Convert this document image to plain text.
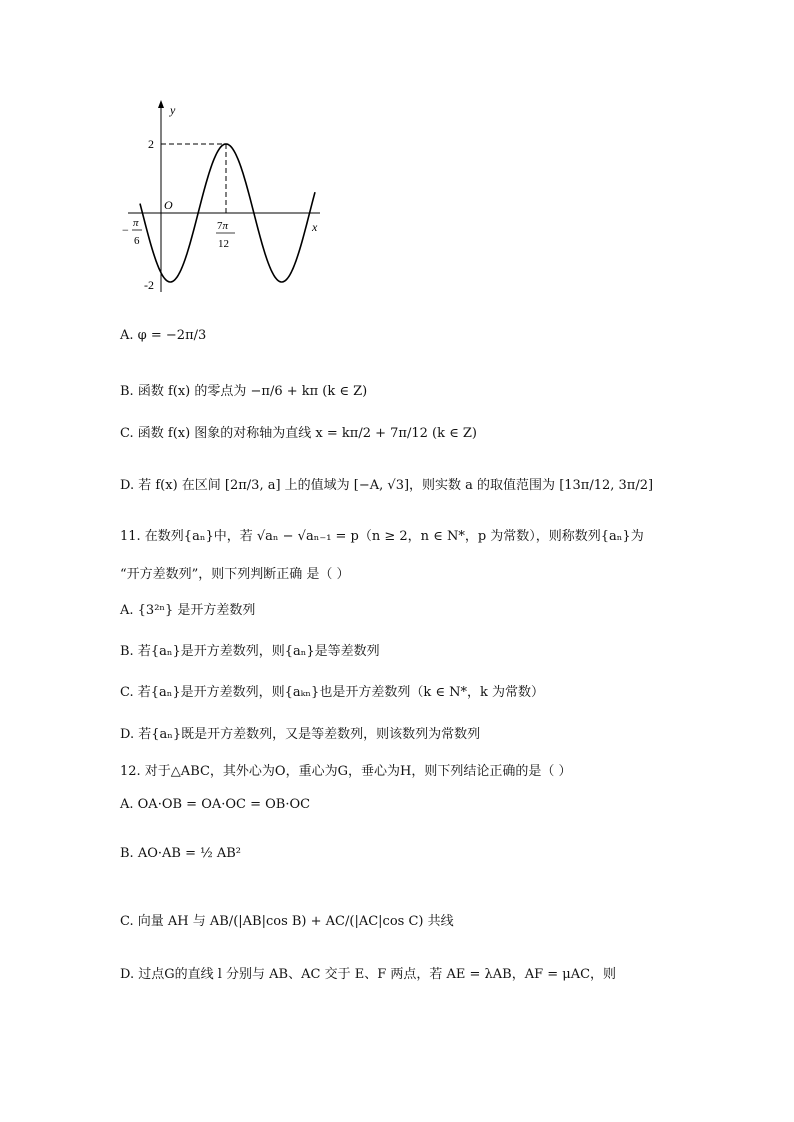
y
x
O
2
-2
− π
6
7π
12
A. φ = −2π/3
B. 函数 f(x) 的零点为 −π/6 + kπ (k ∈ Z)
C. 函数 f(x) 图象的对称轴为直线 x = kπ/2 + 7π/12 (k ∈ Z)
D. 若 f(x) 在区间 [2π/3, a] 上的值域为 [−A, √3]，则实数 a 的取值范围为 [13π/12, 3π/2]
11. 在数列{aₙ}中，若 √aₙ − √aₙ₋₁ = p（n ≥ 2，n ∈ N*，p 为常数），则称数列{aₙ}为
“开方差数列”，则下列判断正确 是（ ）
A. {3²ⁿ} 是开方差数列
B. 若{aₙ}是开方差数列，则{aₙ}是等差数列
C. 若{aₙ}是开方差数列，则{aₖₙ}也是开方差数列（k ∈ N*，k 为常数）
D. 若{aₙ}既是开方差数列，又是等差数列，则该数列为常数列
12. 对于△ABC，其外心为O，重心为G，垂心为H，则下列结论正确的是（ ）
A. OA·OB = OA·OC = OB·OC
B. AO·AB = ½ AB²
C. 向量 AH 与 AB/(|AB|cos B) + AC/(|AC|cos C) 共线
D. 过点G的直线 l 分别与 AB、AC 交于 E、F 两点，若 AE = λAB，AF = μAC，则
